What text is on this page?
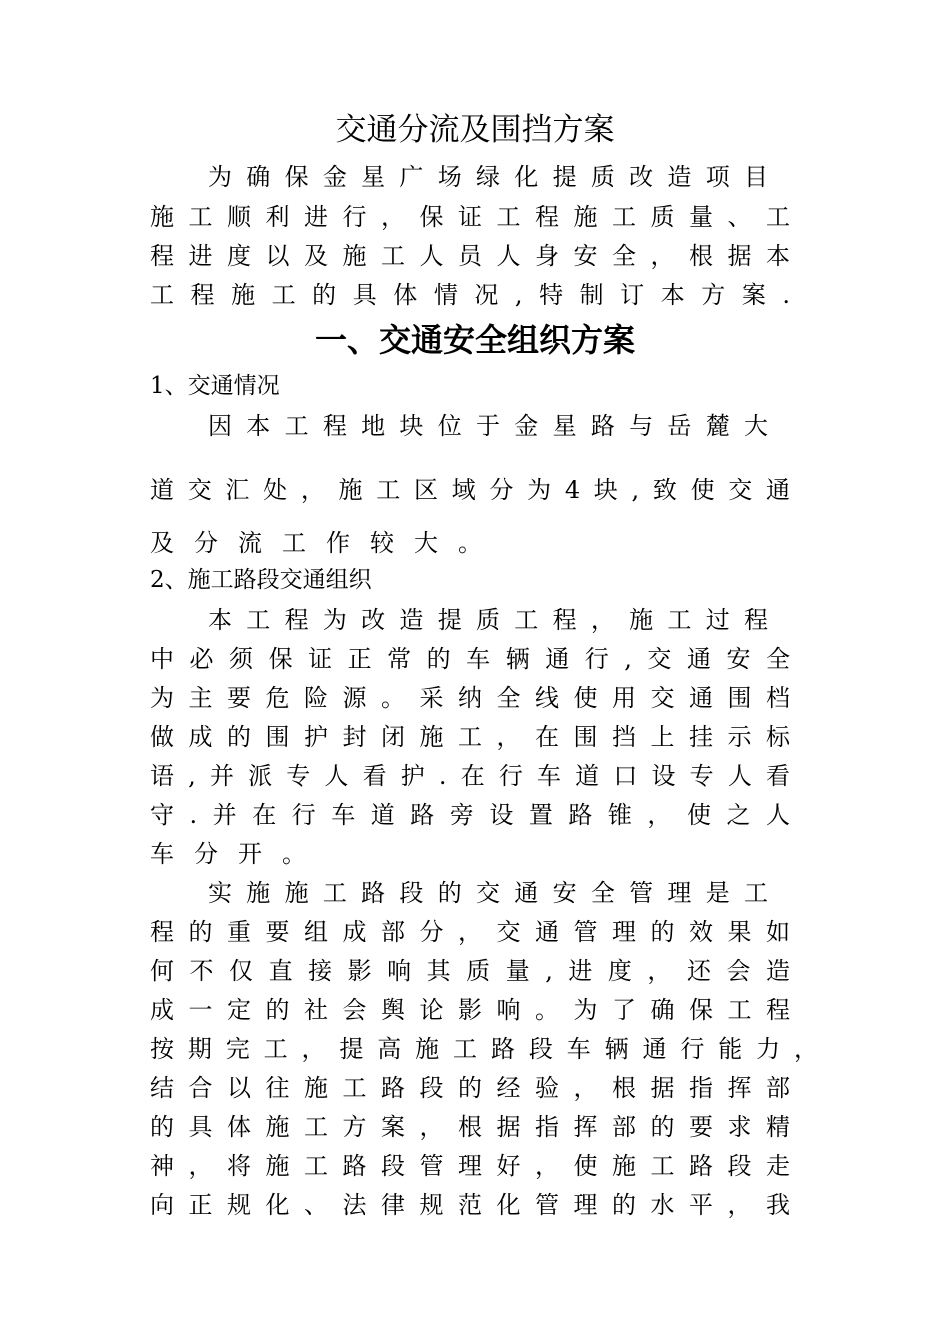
交通分流及围挡方案
为确保金星广场绿化提质改造项目
施工顺利进行，保证工程施工质量、工
程进度以及施工人员人身安全，根据本
工程施工的具体情况,特制订本方案.
一、交通安全组织方案
1、交通情况
因本工程地块位于金星路与岳麓大
道交汇处，施工区域分为4块,致使交通
及分流工作较大。
2、施工路段交通组织
本工程为改造提质工程，施工过程
中必须保证正常的车辆通行,交通安全
为主要危险源。采纳全线使用交通围档
做成的围护封闭施工，在围挡上挂示标
语,并派专人看护.在行车道口设专人看
守.并在行车道路旁设置路锥，使之人
车分开。
实施施工路段的交通安全管理是工
程的重要组成部分，交通管理的效果如
何不仅直接影响其质量,进度，还会造
成一定的社会舆论影响。为了确保工程
按期完工，提高施工路段车辆通行能力，
结合以往施工路段的经验，根据指挥部
的具体施工方案，根据指挥部的要求精
神，将施工路段管理好，使施工路段走
向正规化、法律规范化管理的水平，我
